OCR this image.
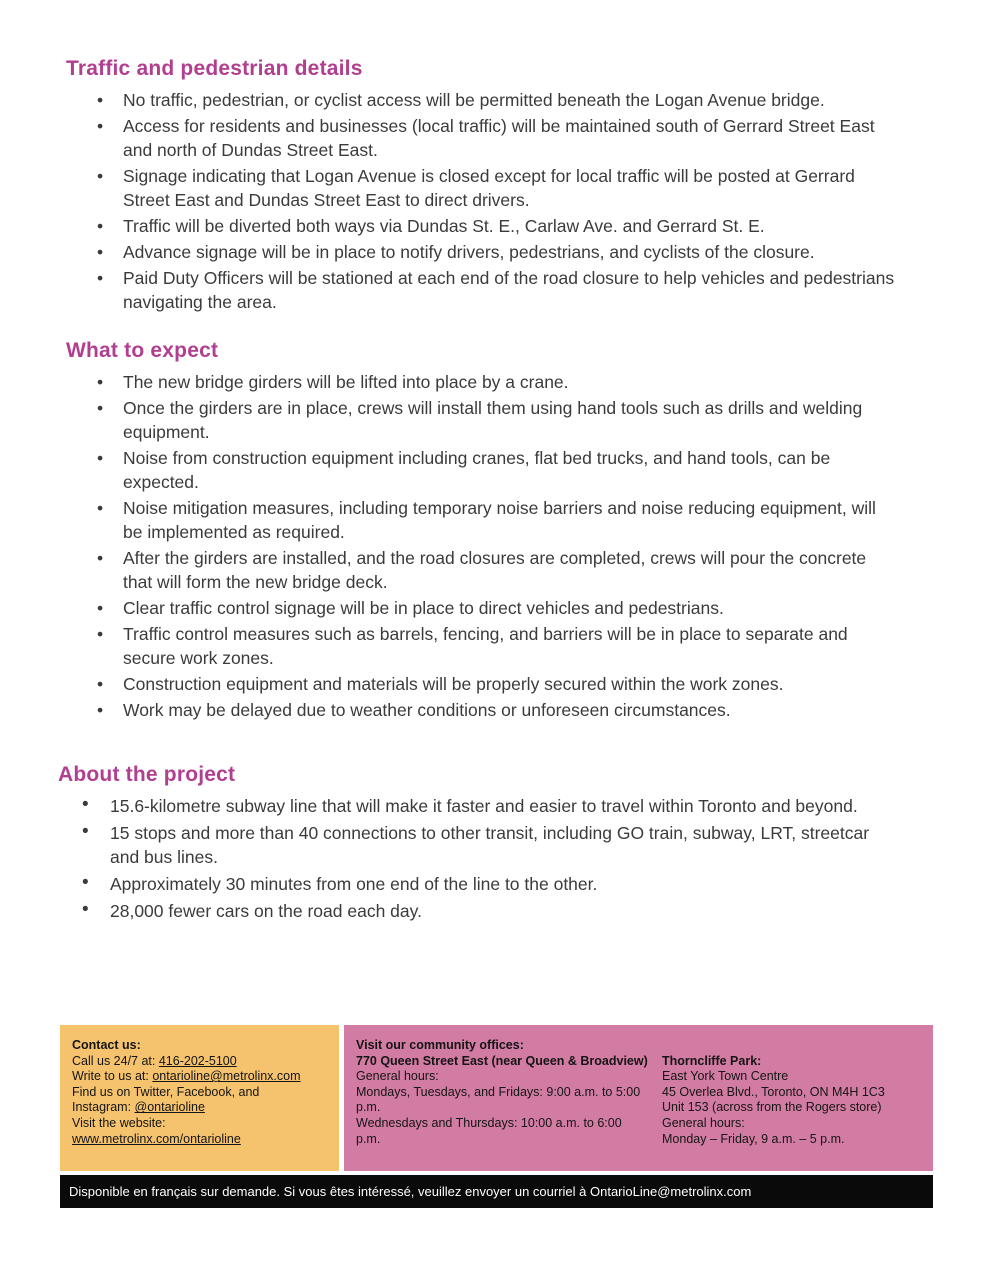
Traffic and pedestrian details
• No traffic, pedestrian, or cyclist access will be permitted beneath the Logan Avenue bridge.
• Access for residents and businesses (local traffic) will be maintained south of Gerrard Street East and north of Dundas Street East.
• Signage indicating that Logan Avenue is closed except for local traffic will be posted at Gerrard Street East and Dundas Street East to direct drivers.
• Traffic will be diverted both ways via Dundas St. E., Carlaw Ave. and Gerrard St. E.
• Advance signage will be in place to notify drivers, pedestrians, and cyclists of the closure.
• Paid Duty Officers will be stationed at each end of the road closure to help vehicles and pedestrians navigating the area.
What to expect
• The new bridge girders will be lifted into place by a crane.
• Once the girders are in place, crews will install them using hand tools such as drills and welding equipment.
• Noise from construction equipment including cranes, flat bed trucks, and hand tools, can be expected.
• Noise mitigation measures, including temporary noise barriers and noise reducing equipment, will be implemented as required.
• After the girders are installed, and the road closures are completed, crews will pour the concrete that will form the new bridge deck.
• Clear traffic control signage will be in place to direct vehicles and pedestrians.
• Traffic control measures such as barrels, fencing, and barriers will be in place to separate and secure work zones.
• Construction equipment and materials will be properly secured within the work zones.
• Work may be delayed due to weather conditions or unforeseen circumstances.
About the project
• 15.6-kilometre subway line that will make it faster and easier to travel within Toronto and beyond.
• 15 stops and more than 40 connections to other transit, including GO train, subway, LRT, streetcar and bus lines.
• Approximately 30 minutes from one end of the line to the other.
• 28,000 fewer cars on the road each day.
Contact us:
Call us 24/7 at: 416-202-5100
Write to us at: ontarioline@metrolinx.com
Find us on Twitter, Facebook, and
Instagram: @ontarioline
Visit the website:
www.metrolinx.com/ontarioline
Visit our community offices:
770 Queen Street East (near Queen & Broadview)
General hours:
Mondays, Tuesdays, and Fridays: 9:00 a.m. to 5:00 p.m.
Wednesdays and Thursdays: 10:00 a.m. to 6:00 p.m.
Thorncliffe Park:
East York Town Centre
45 Overlea Blvd., Toronto, ON M4H 1C3
Unit 153 (across from the Rogers store)
General hours:
Monday – Friday, 9 a.m. – 5 p.m.
Disponible en français sur demande. Si vous êtes intéressé, veuillez envoyer un courriel à OntarioLine@metrolinx.com
